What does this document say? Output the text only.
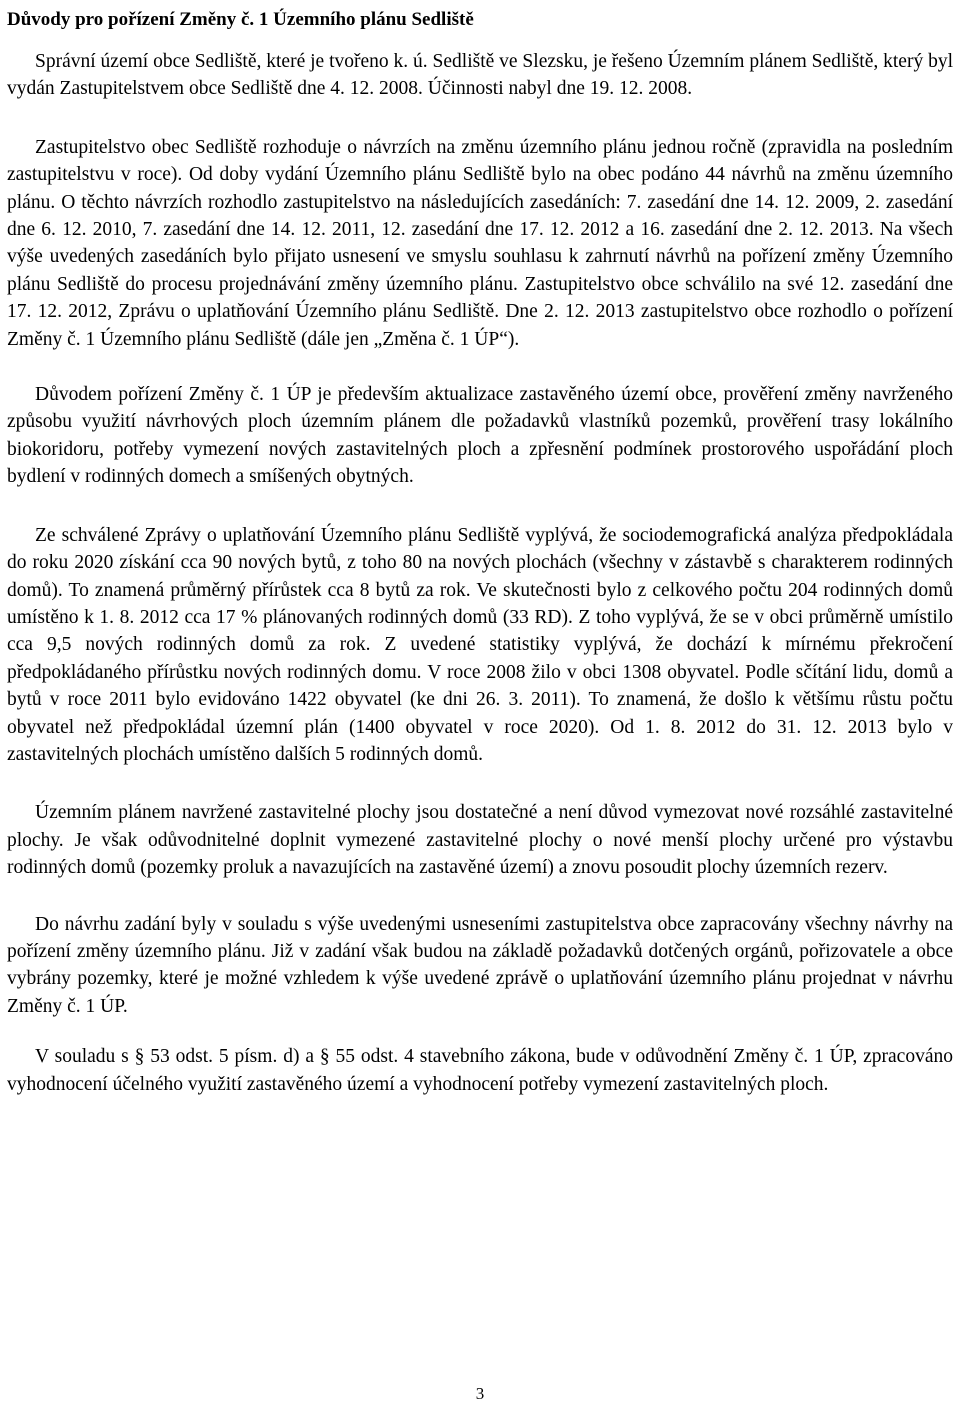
Důvody pro pořízení Změny č. 1 Územního plánu Sedliště

Správní území obce Sedliště, které je tvořeno k. ú. Sedliště ve Slezsku, je řešeno Územním plánem Sedliště, který byl vydán Zastupitelstvem obce Sedliště dne 4. 12. 2008. Účinnosti nabyl dne 19. 12. 2008.

Zastupitelstvo obec Sedliště rozhoduje o návrzích na změnu územního plánu jednou ročně (zpravidla na posledním zastupitelstvu v roce). Od doby vydání Územního plánu Sedliště bylo na obec podáno 44 návrhů na změnu územního plánu. O těchto návrzích rozhodlo zastupitelstvo na následujících zasedáních: 7. zasedání dne 14. 12. 2009, 2. zasedání dne 6. 12. 2010, 7. zasedání dne 14. 12. 2011, 12. zasedání dne 17. 12. 2012 a 16. zasedání dne 2. 12. 2013. Na všech výše uvedených zasedáních bylo přijato usnesení ve smyslu souhlasu k zahrnutí návrhů na pořízení změny Územního plánu Sedliště do procesu projednávání změny územního plánu. Zastupitelstvo obce schválilo na své 12. zasedání dne 17. 12. 2012, Zprávu o uplatňování Územního plánu Sedliště. Dne 2. 12. 2013 zastupitelstvo obce rozhodlo o pořízení Změny č. 1 Územního plánu Sedliště (dále jen „Změna č. 1 ÚP“).

Důvodem pořízení Změny č. 1 ÚP je především aktualizace zastavěného území obce, prověření změny navrženého způsobu využití návrhových ploch územním plánem dle požadavků vlastníků pozemků, prověření trasy lokálního biokoridoru, potřeby vymezení nových zastavitelných ploch a zpřesnění podmínek prostorového uspořádání ploch bydlení v rodinných domech a smíšených obytných.

Ze schválené Zprávy o uplatňování Územního plánu Sedliště vyplývá, že sociodemografická analýza předpokládala do roku 2020 získání cca 90 nových bytů, z toho 80 na nových plochách (všechny v zástavbě s charakterem rodinných domů). To znamená průměrný přírůstek cca 8 bytů za rok. Ve skutečnosti bylo z celkového počtu 204 rodinných domů umístěno k 1. 8. 2012 cca 17 % plánovaných rodinných domů (33 RD). Z toho vyplývá, že se v obci průměrně umístilo cca 9,5 nových rodinných domů za rok. Z uvedené statistiky vyplývá, že dochází k mírnému překročení předpokládaného přírůstku nových rodinných domu. V roce 2008 žilo v obci 1308 obyvatel. Podle sčítání lidu, domů a bytů v roce 2011 bylo evidováno 1422 obyvatel (ke dni 26. 3. 2011). To znamená, že došlo k většímu růstu počtu obyvatel než předpokládal územní plán (1400 obyvatel v roce 2020). Od 1. 8. 2012 do 31. 12. 2013 bylo v zastavitelných plochách umístěno dalších 5 rodinných domů.

Územním plánem navržené zastavitelné plochy jsou dostatečné a není důvod vymezovat nové rozsáhlé zastavitelné plochy. Je však odůvodnitelné doplnit vymezené zastavitelné plochy o nové menší plochy určené pro výstavbu rodinných domů (pozemky proluk a navazujících na zastavěné území) a znovu posoudit plochy územních rezerv.

Do návrhu zadání byly v souladu s výše uvedenými usneseními zastupitelstva obce zapracovány všechny návrhy na pořízení změny územního plánu. Již v zadání však budou na základě požadavků dotčených orgánů, pořizovatele a obce vybrány pozemky, které je možné vzhledem k výše uvedené zprávě o uplatňování územního plánu projednat v návrhu Změny č. 1 ÚP.

V souladu s § 53 odst. 5 písm. d) a § 55 odst. 4 stavebního zákona, bude v odůvodnění Změny č. 1 ÚP, zpracováno vyhodnocení účelného využití zastavěného území a vyhodnocení potřeby vymezení zastavitelných ploch.

3
